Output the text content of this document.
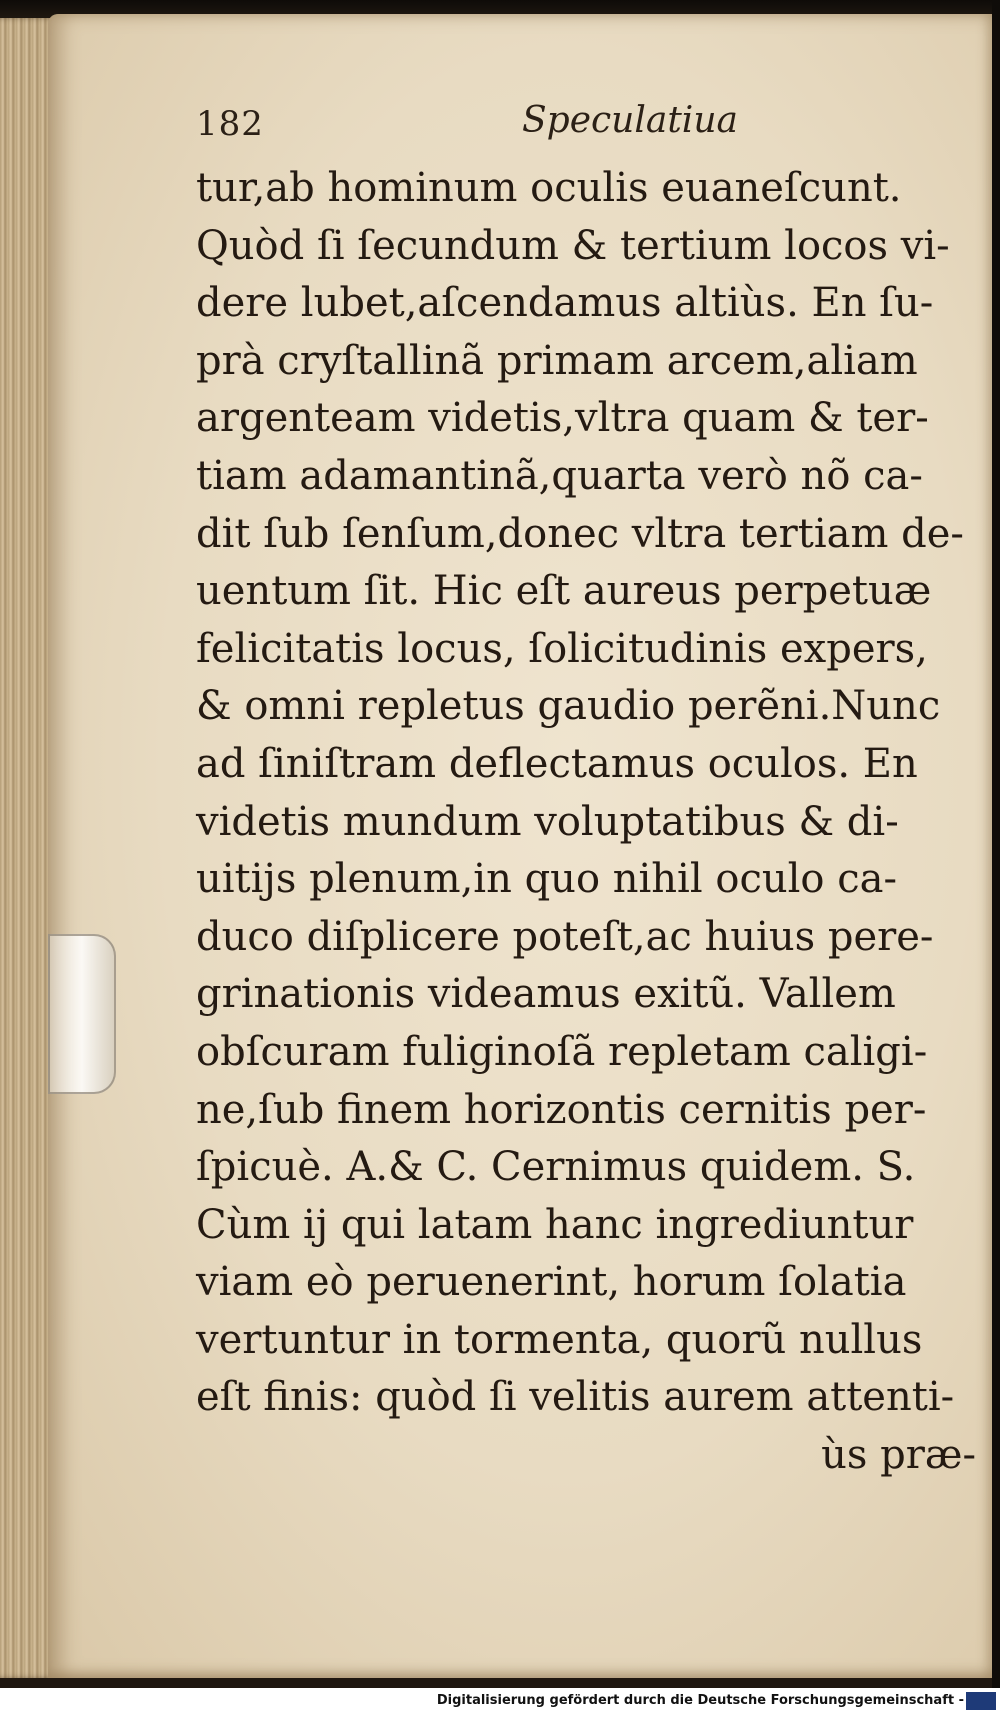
182	Speculatiua
tur,ab hominum oculis euaneſcunt.
Quòd ſi ſecundum & tertium locos vi-
dere lubet,aſcendamus altiùs. En ſu-
prà cryſtallinã primam arcem,aliam
argenteam videtis,vltra quam & ter-
tiam adamantinã,quarta verò nõ ca-
dit ſub ſenſum,donec vltra tertiam de-
uentum ſit. Hic eſt aureus perpetuæ
felicitatis locus, ſolicitudinis expers,
& omni repletus gaudio perẽni.Nunc
ad ſiniſtram deflectamus oculos. En
videtis mundum voluptatibus & di-
uitijs plenum,in quo nihil oculo ca-
duco diſplicere poteſt,ac huius pere-
grinationis videamus exitũ. Vallem
obſcuram fuliginoſã repletam caligi-
ne,ſub finem horizontis cernitis per-
ſpicuè. A.& C. Cernimus quidem. S.
Cùm ij qui latam hanc ingrediuntur
viam eò peruenerint, horum ſolatia
vertuntur in tormenta, quorũ nullus
eſt finis: quòd ſi velitis aurem attenti-
ùs præ-
Digitalisierung gefördert durch die Deutsche Forschungsgemeinschaft -
